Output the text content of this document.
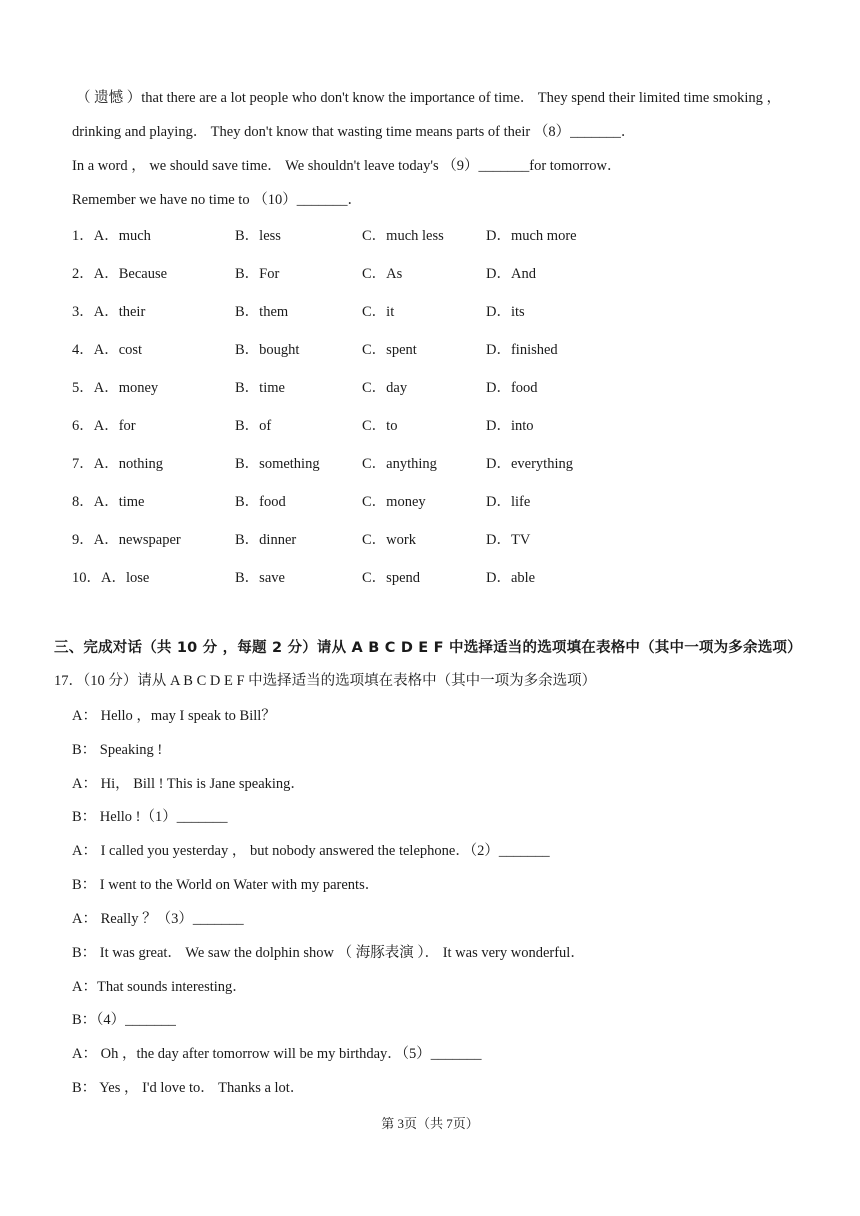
（ 遗憾 ）that there are a lot people who don't know the importance of time． They spend their limited time smoking ，
drinking and playing． They don't know that wasting time means parts of their （8）_______．
In a word ， we should save time． We shouldn't leave today's （9）_______for tomorrow．
Remember we have no time to （10）_______．
1．A．much	B．less	C．much less	D．much more
2．A．Because	B．For	C．As	D．And
3．A．their	B．them	C．it	D．its
4．A．cost	B．bought	C．spent	D．finished
5．A．money	B．time	C．day	D．food
6．A．for	B．of	C．to	D．into
7．A．nothing	B．something	C．anything	D．everything
8．A．time	B．food	C．money	D．life
9．A．newspaper	B．dinner	C．work	D．TV
10．A．lose	B．save	C．spend	D．able
三、完成对话（共 10 分 ，每题 2 分）请从 A B C D E F 中选择适当的选项填在表格中（其中一项为多余选项）
17．（10 分）请从 A B C D E F 中选择适当的选项填在表格中（其中一项为多余选项）
A： Hello ，may I speak to Bill？
B： Speaking !
A： Hi， Bill ! This is Jane speaking．
B： Hello !（1）_______
A： I called you yesterday ， but nobody answered the telephone．（2）_______
B： I went to the World on Water with my parents．
A： Really ？（3）_______
B： It was great． We saw the dolphin show （ 海豚表演 ）． It was very wonderful．
A：That sounds interesting．
B：（4）_______
A： Oh ，the day after tomorrow will be my birthday．（5）_______
B： Yes ， I'd love to． Thanks a lot．
第 3页（共 7页）
